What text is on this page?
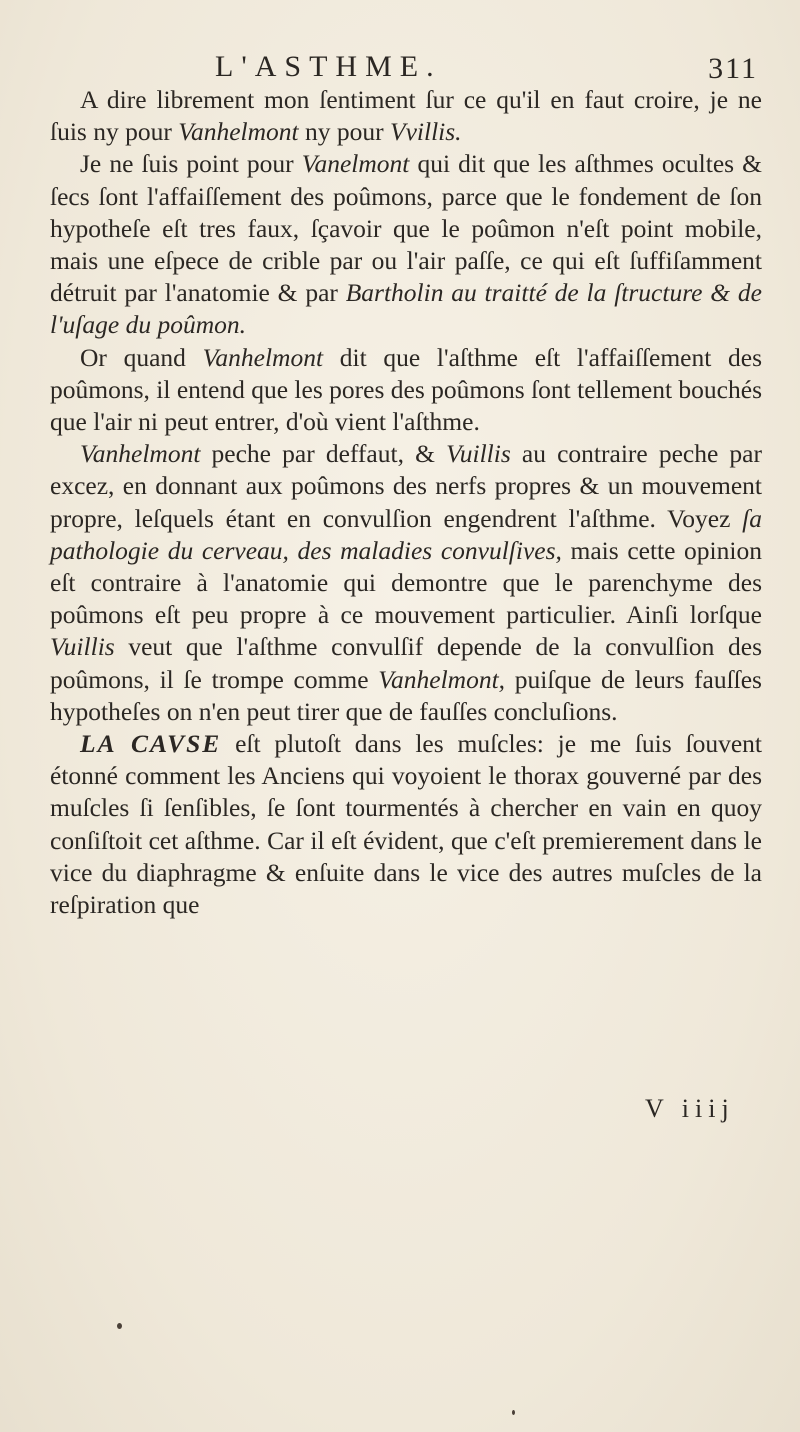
L'ASTHME.	311

A dire librement mon ſentiment ſur ce qu'il en faut croire, je ne ſuis ny pour Vanhelmont ny pour Vvillis.

Je ne ſuis point pour Vanelmont qui dit que les aſthmes ocultes & ſecs ſont l'affaiſſement des poûmons, parce que le fondement de ſon hypotheſe eſt tres faux, ſçavoir que le poûmon n'eſt point mobile, mais une eſpece de crible par ou l'air paſſe, ce qui eſt ſuffiſamment détruit par l'anatomie & par Bartholin au traitté de la ſtructure & de l'uſage du poûmon.

Or quand Vanhelmont dit que l'aſthme eſt l'affaiſſement des poûmons, il entend que les pores des poûmons ſont tellement bouchés que l'air ni peut entrer, d'où vient l'aſthme.

Vanhelmont peche par deffaut, & Vuillis au contraire peche par excez, en donnant aux poûmons des nerfs propres & un mouvement propre, leſquels étant en convulſion engendrent l'aſthme. Voyez ſa pathologie du cerveau, des maladies convulſives, mais cette opinion eſt contraire à l'anatomie qui demontre que le parenchyme des poûmons eſt peu propre à ce mouvement particulier. Ainſi lorſque Vuillis veut que l'aſthme convulſif depende de la convulſion des poûmons, il ſe trompe comme Vanhelmont, puiſque de leurs fauſſes hypotheſes on n'en peut tirer que de fauſſes concluſions.

LA CAVSE eſt plutoſt dans les muſcles: je me ſuis ſouvent étonné comment les Anciens qui voyoient le thorax gouverné par des muſcles ſi ſenſibles, ſe ſont tourmentés à chercher en vain en quoy conſiſtoit cet aſthme. Car il eſt évident, que c'eſt premierement dans le vice du diaphragme & enſuite dans le vice des autres muſcles de la reſpiration que

V iiij
